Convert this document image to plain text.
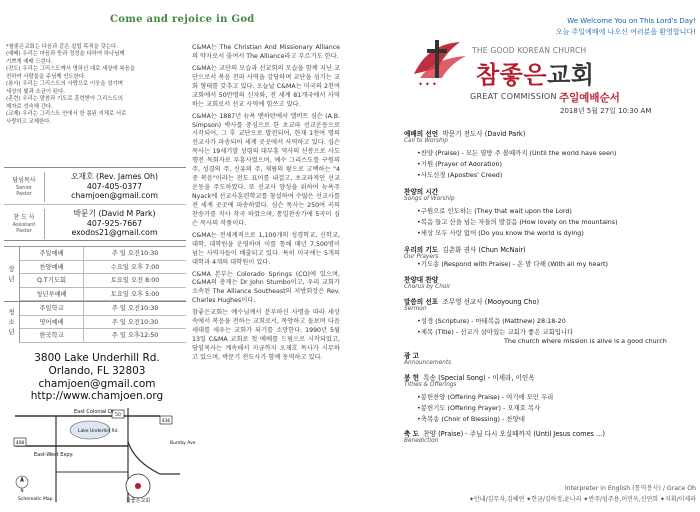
Come and rejoice in God
*참좋은교회는 다음과 같은 설립 목적을 갖는다.
(예배) 우리는 마음과 뜻과 정성을 다하여 하나님께
기쁘게 예배 드린다.
(전도) 우리는 그리스도께서 명하신 대로 세상에 복음을
전하여 사람들을 주님께 인도한다.
(봉사) 우리는 그리스도의 사랑으로 이웃을 섬기며
세상의 빛과 소금이 된다.
(훈련) 우리는 말씀과 기도로 훈련받아 그리스도의
제자로 성숙해 간다.
(교제) 우리는 그리스도 안에서 한 몸된 지체로 서로
사랑하고 교제한다.
담임목사
Senior Pastor
오재호 (Rev. James Oh)
407-405-0377
chamjoen@gmail.com
찬 도 사
Assistant Pastor
박문기 (David M Park)
407-925-7667
exodos21@gmail.com
장
년
주일예배	주 일 오전10:30
찬양예배	수요일 오후 7:00
Q.T기도회	토요일 오전 8:00
청년부예배	토요일 오후 5:00
청
소
년
주일학교	주 일 오전10:30
영어예배	주 일 오전10:30
한국학교	주 일 오후12:50
3800 Lake Underhill Rd.
Orlando, FL 32803
chamjoen@gmail.com
http://www.chamjoen.org
East Colonial Dr.
Lake Underhill Rd.
East-West Expy.
Schematic Map
50
436
408	Bumby Ave
N
참좋은교회

C&MA는 The Christian And Missionary Alliance의 약자로서 줄여서 The Alliance라고 부르기도 한다.

C&MA는 교단의 모습과 선교회의 모습을 함께 지닌 교단으로서 복음 전파 사역을 감당하며 교단을 섬기는 교회 형태를 갖추고 있다. 오늘날 C&MA는 미국의 2천여 교회에서 50만명의 신자와, 전 세계 81개국에서 사역하는 교회로서 선교 사역에 힘쓰고 있다.

C&MA는 1887년 뉴욕 맨하탄에서 앨버트 심슨 (A.B. Simpson) 박사를 중심으로 한 초교파 선교운동으로 시작되어, 그 후 교단으로 발전되어, 현재 1천여 명의 선교사가 파송되어 세계 곳곳에서 사역하고 있다. 심슨 목사는 19세기말 성령의 대부흥 역사의 선봉으로 사도 행전 목회자로 부흥사였으며, 예수 그리스도를 구원의 주, 성결의 주, 신유의 주, 재림의 왕으로 고백하는 "4중 복음"이라는 전도 표어를 내걸고, 초교파적인 선교운동을 주도하였다. 또 선교사 양성을 위하여 뉴욕주 Nyack에 선교사훈련학교를 창설하여 수많은 선교사를 전 세계 곳곳에 파송하였다. 심슨 목사는 250여 곡의 찬송가를 작사 작곡 하였으며, 통일찬송가에 5곡이 심슨 목사의 작품이다.

C&MA는 전세계적으로 1,100개의 성경학교, 신학교, 대학, 대학원을 운영하며 이를 통해 매년 7,500명이 넘는 사역자들이 배출되고 있다. 특히 미국에는 5개의 대학과 4개의 대학원이 있다.

C&MA 본부는 Colorado Springs (CO)에 있으며, C&MA의 총재는 Dr John Stumbo이고, 우리 교회가 소속된 The Alliance Southeast의 지방회장은 Rev. Charles Hughes이다.

참좋은교회는 예수님께서 분부하신 사명을 따라 세상 속에서 복음을 전하는 교회로서, 목양하고 돌보며 다음 세대를 세우는 교회가 되기를 소망한다. 1990년 5월 13일 C&MA 교회로 첫 예배를 드림으로 시작되었고, 담임목사는 계속해서 지금까지 오재호 목사가 시무하고 있으며, 박문기 전도사가 함께 동역하고 있다.

We Welcome You on This Lord's Day!
오늘 주일예배에 나오신 여러분을 환영합니다!
✦ ✦ ✦
THE GOOD KOREAN CHURCH
참좋은교회
GREAT COMMISSION 주일예배순서
2018년 5월 27일 10:30 AM
예배의 선언 박문기 전도사 (David Park)
Call to Worship
•찬양 (Praise) - 모든 열방 주 볼때까지 (Until the world have seen)
•기원 (Prayer of Adoration)
•사도신경 (Apostles' Creed)
찬양의 시간
Songs of Worship
•구원으로 인도하는 (They that wait upon the Lord)
•복음 들고 산을 넘는 자들의 발걸음 (How lovely on the mountains)
•세상 모두 사랑 없어 (Do you know the world is dying)
우리의 기도 김춘화 권사 (Chun McNair)
Our Prayers
•기도송 (Respond with Praise) - 온 맘 다해 (With all my heart)
찬양대 찬양
Chorus by Choir
말씀의 선포 조무영 선교사 (Mooyoung Cho)
Sermon
•성경 (Scripture) - 마태복음 (Matthew) 28:18-20
•제목 (Title) - 선교가 살아있는 교회가 좋은 교회입니다
The church where mission is alive is a good church
광 고
Announcements
봉 헌 특송 (Special Song) - 이세라, 이인옥
Tithes & Offerings
•봉헌찬양 (Offering Praise) - 여기에 모인 우리
•봉헌기도 (Offering Prayer) - 오재호 목사
•축복송 (Choir of Blessing) - 찬양대
축 도 찬양 (Praise) - 주님 다시 오실때까지 (Until Jesus comes ...)
Benediction
Interpreter in English (통역봉사) / Grace Oh
✦안내/김무자,김혜연 ✦헌금/김하정,윤나리 ✦반주/임주용,이민옥,신연희 ✦지휘/이세라
